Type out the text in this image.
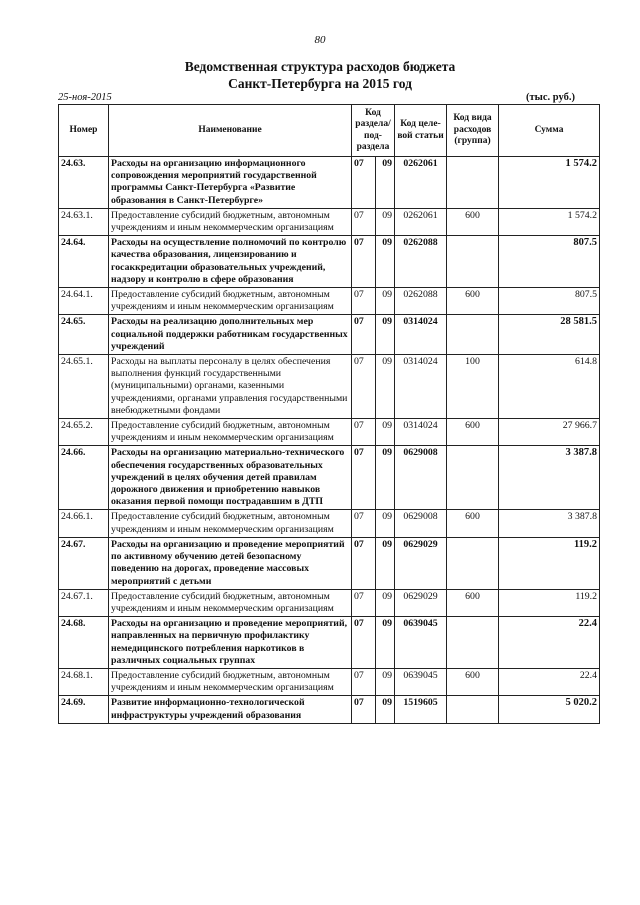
80
Ведомственная структура расходов бюджета
Санкт-Петербурга на 2015 год
25-ноя-2015	(тыс. руб.)
Номер	Наименование	Код раздела/ под-раздела		Код целе-вой статьи	Код вида расходов (группа)	Сумма
24.63.	Расходы на организацию информационного сопровождения мероприятий государственной программы Санкт-Петербурга «Развитие образования в Санкт-Петербурге»	07	09	0262061		1 574.2
24.63.1.	Предоставление субсидий бюджетным, автономным учреждениям и иным некоммерческим организациям	07	09	0262061	600	1 574.2
24.64.	Расходы на осуществление полномочий по контролю качества образования, лицензированию и госаккредитации образовательных учреждений, надзору и контролю в сфере образования	07	09	0262088		807.5
24.64.1.	Предоставление субсидий бюджетным, автономным учреждениям и иным некоммерческим организациям	07	09	0262088	600	807.5
24.65.	Расходы на реализацию дополнительных мер социальной поддержки работникам государственных учреждений	07	09	0314024		28 581.5
24.65.1.	Расходы на выплаты персоналу в целях обеспечения выполнения функций государственными (муниципальными) органами, казенными учреждениями, органами управления государственными внебюджетными фондами	07	09	0314024	100	614.8
24.65.2.	Предоставление субсидий бюджетным, автономным учреждениям и иным некоммерческим организациям	07	09	0314024	600	27 966.7
24.66.	Расходы на организацию материально-технического обеспечения государственных образовательных учреждений в целях обучения детей правилам дорожного движения и приобретению навыков оказания первой помощи пострадавшим в ДТП	07	09	0629008		3 387.8
24.66.1.	Предоставление субсидий бюджетным, автономным учреждениям и иным некоммерческим организациям	07	09	0629008	600	3 387.8
24.67.	Расходы на организацию и проведение мероприятий по активному обучению детей безопасному поведению на дорогах, проведение массовых мероприятий с детьми	07	09	0629029		119.2
24.67.1.	Предоставление субсидий бюджетным, автономным учреждениям и иным некоммерческим организациям	07	09	0629029	600	119.2
24.68.	Расходы на организацию и проведение мероприятий, направленных на первичную профилактику немедицинского потребления наркотиков в различных социальных группах	07	09	0639045		22.4
24.68.1.	Предоставление субсидий бюджетным, автономным учреждениям и иным некоммерческим организациям	07	09	0639045	600	22.4
24.69.	Развитие информационно-технологической инфраструктуры учреждений образования	07	09	1519605		5 020.2
